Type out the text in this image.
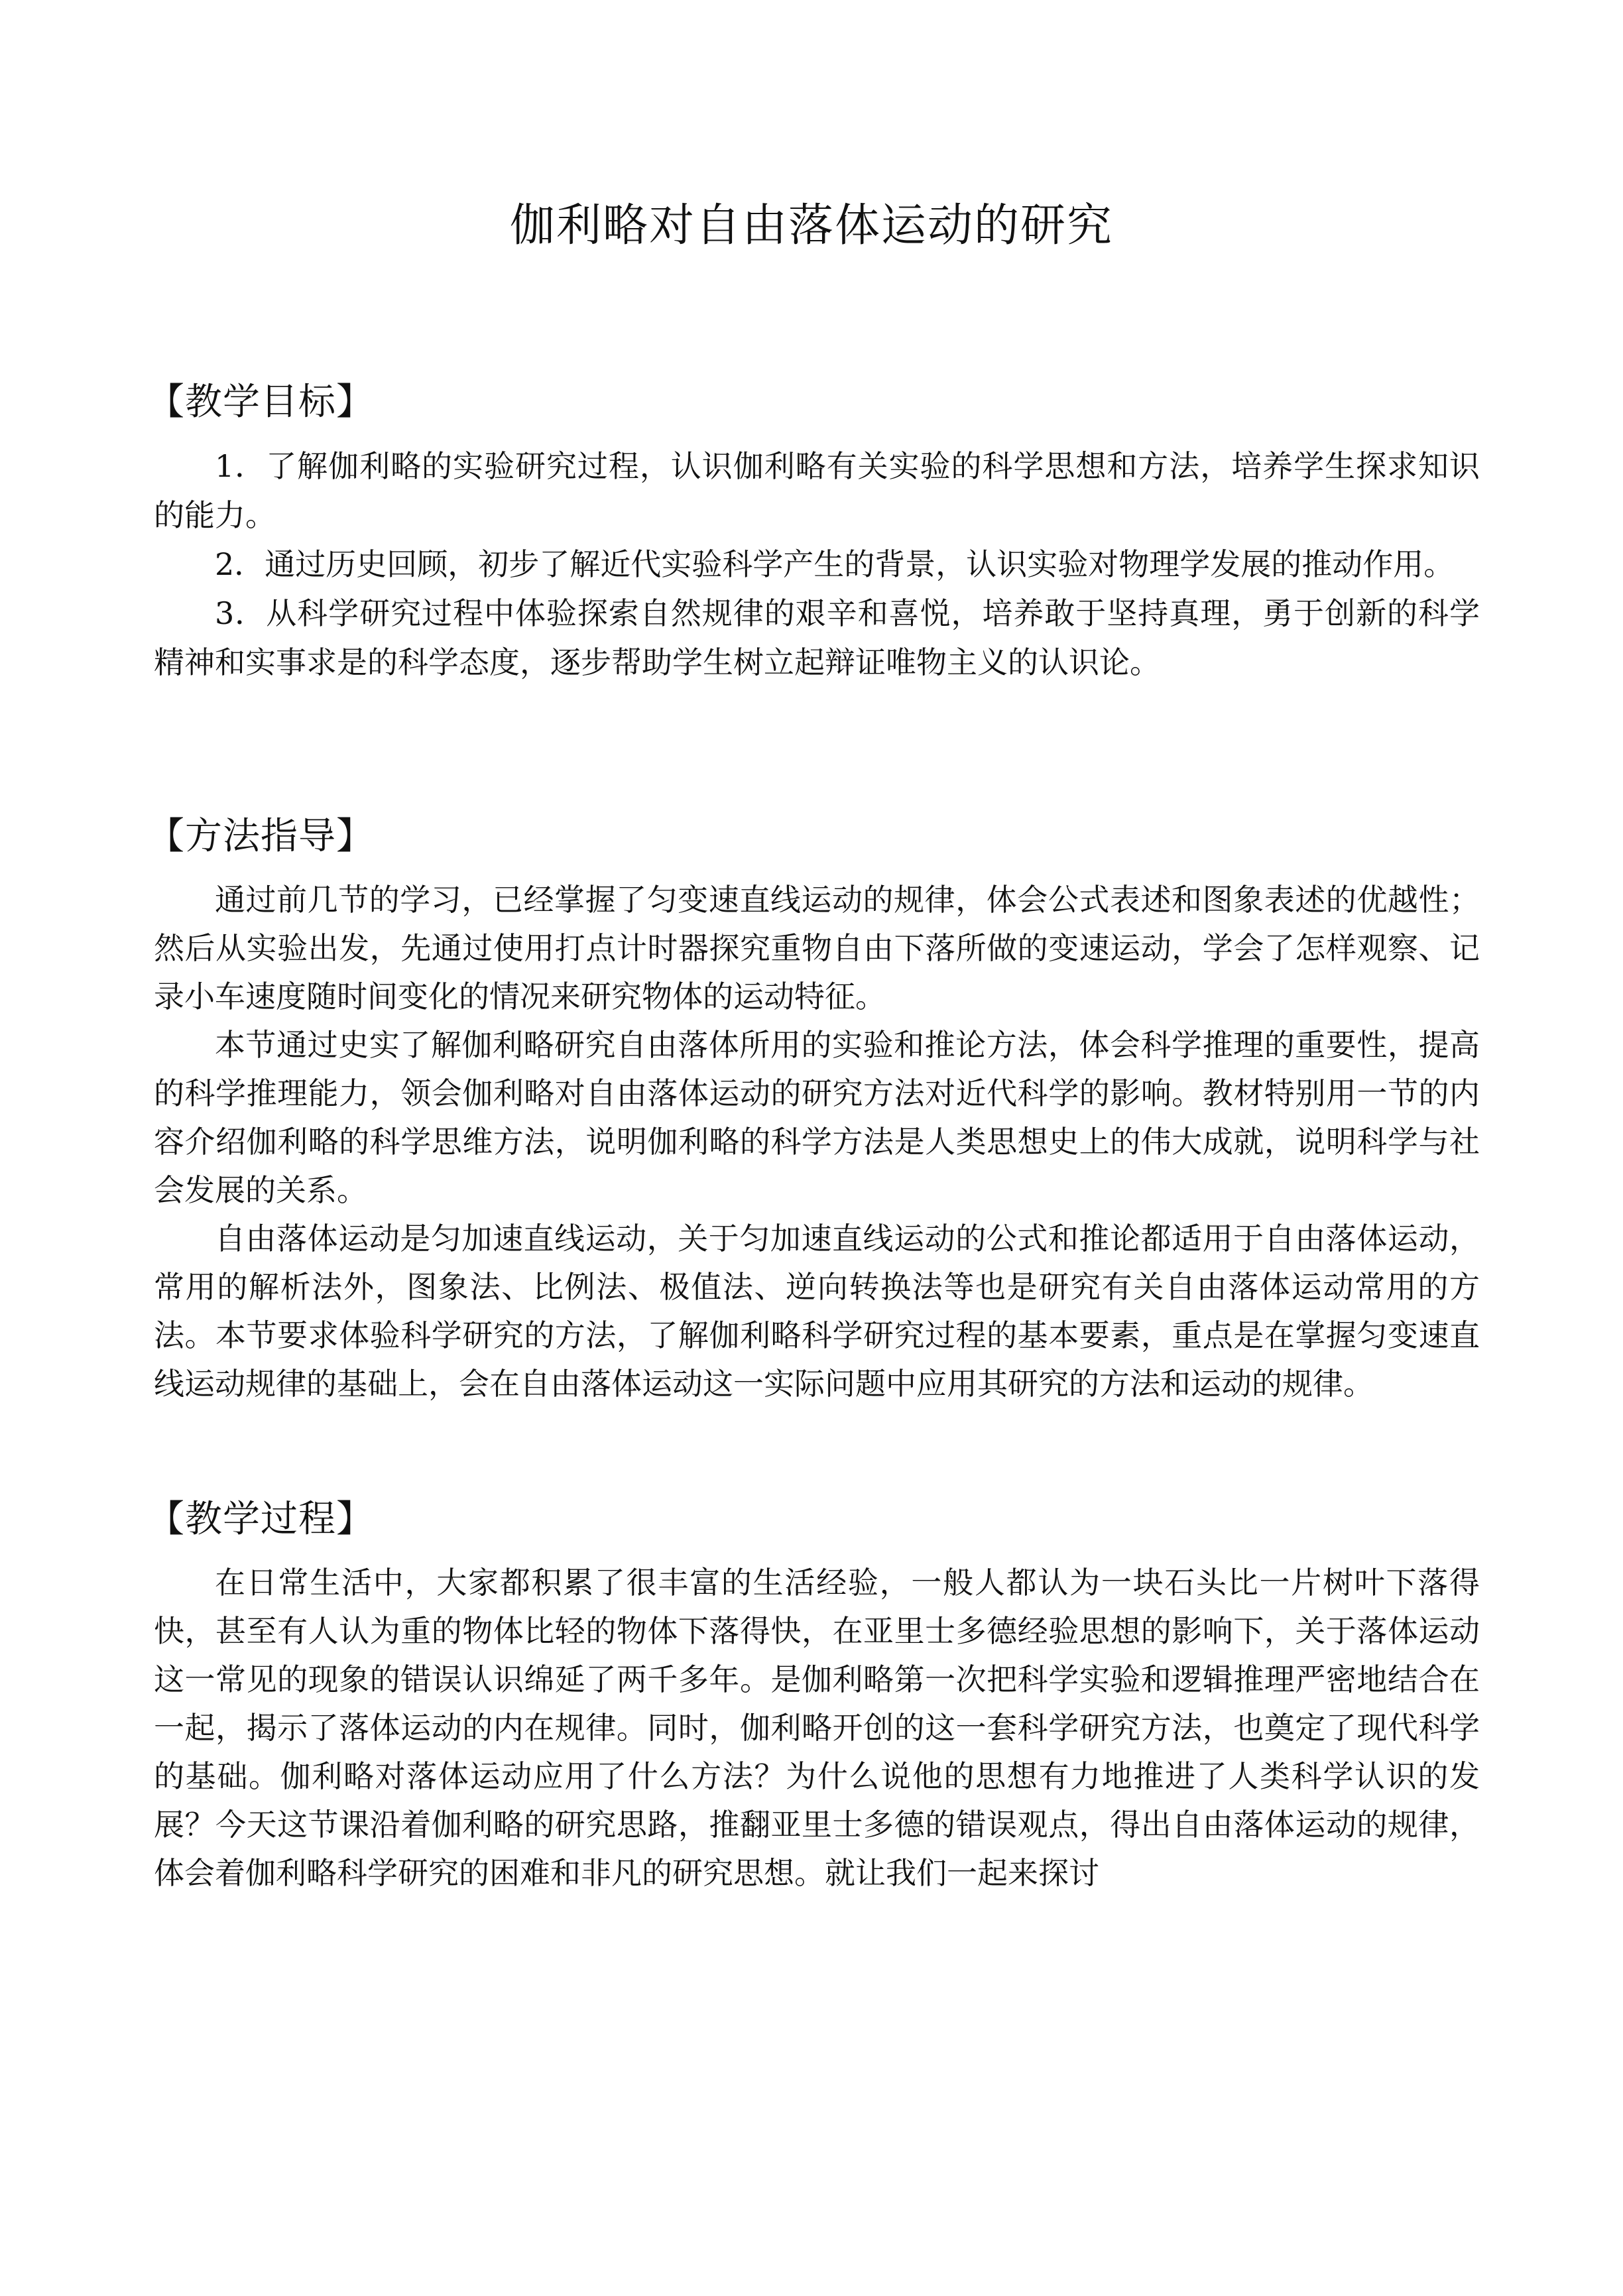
伽利略对自由落体运动的研究
【教学目标】

1．了解伽利略的实验研究过程，认识伽利略有关实验的科学思想和方法，培养学生探求知识的能力。

2．通过历史回顾，初步了解近代实验科学产生的背景，认识实验对物理学发展的推动作用。

3．从科学研究过程中体验探索自然规律的艰辛和喜悦，培养敢于坚持真理，勇于创新的科学精神和实事求是的科学态度，逐步帮助学生树立起辩证唯物主义的认识论。

【方法指导】

通过前几节的学习，已经掌握了匀变速直线运动的规律，体会公式表述和图象表述的优越性；然后从实验出发，先通过使用打点计时器探究重物自由下落所做的变速运动，学会了怎样观察、记录小车速度随时间变化的情况来研究物体的运动特征。

本节通过史实了解伽利略研究自由落体所用的实验和推论方法，体会科学推理的重要性，提高的科学推理能力，领会伽利略对自由落体运动的研究方法对近代科学的影响。教材特别用一节的内容介绍伽利略的科学思维方法，说明伽利略的科学方法是人类思想史上的伟大成就，说明科学与社会发展的关系。

自由落体运动是匀加速直线运动，关于匀加速直线运动的公式和推论都适用于自由落体运动，常用的解析法外，图象法、比例法、极值法、逆向转换法等也是研究有关自由落体运动常用的方法。本节要求体验科学研究的方法，了解伽利略科学研究过程的基本要素，重点是在掌握匀变速直线运动规律的基础上，会在自由落体运动这一实际问题中应用其研究的方法和运动的规律。

【教学过程】

在日常生活中，大家都积累了很丰富的生活经验，一般人都认为一块石头比一片树叶下落得快，甚至有人认为重的物体比轻的物体下落得快，在亚里士多德经验思想的影响下，关于落体运动这一常见的现象的错误认识绵延了两千多年。是伽利略第一次把科学实验和逻辑推理严密地结合在一起，揭示了落体运动的内在规律。同时，伽利略开创的这一套科学研究方法，也奠定了现代科学的基础。伽利略对落体运动应用了什么方法？为什么说他的思想有力地推进了人类科学认识的发展？今天这节课沿着伽利略的研究思路，推翻亚里士多德的错误观点，得出自由落体运动的规律，体会着伽利略科学研究的困难和非凡的研究思想。就让我们一起来探讨
